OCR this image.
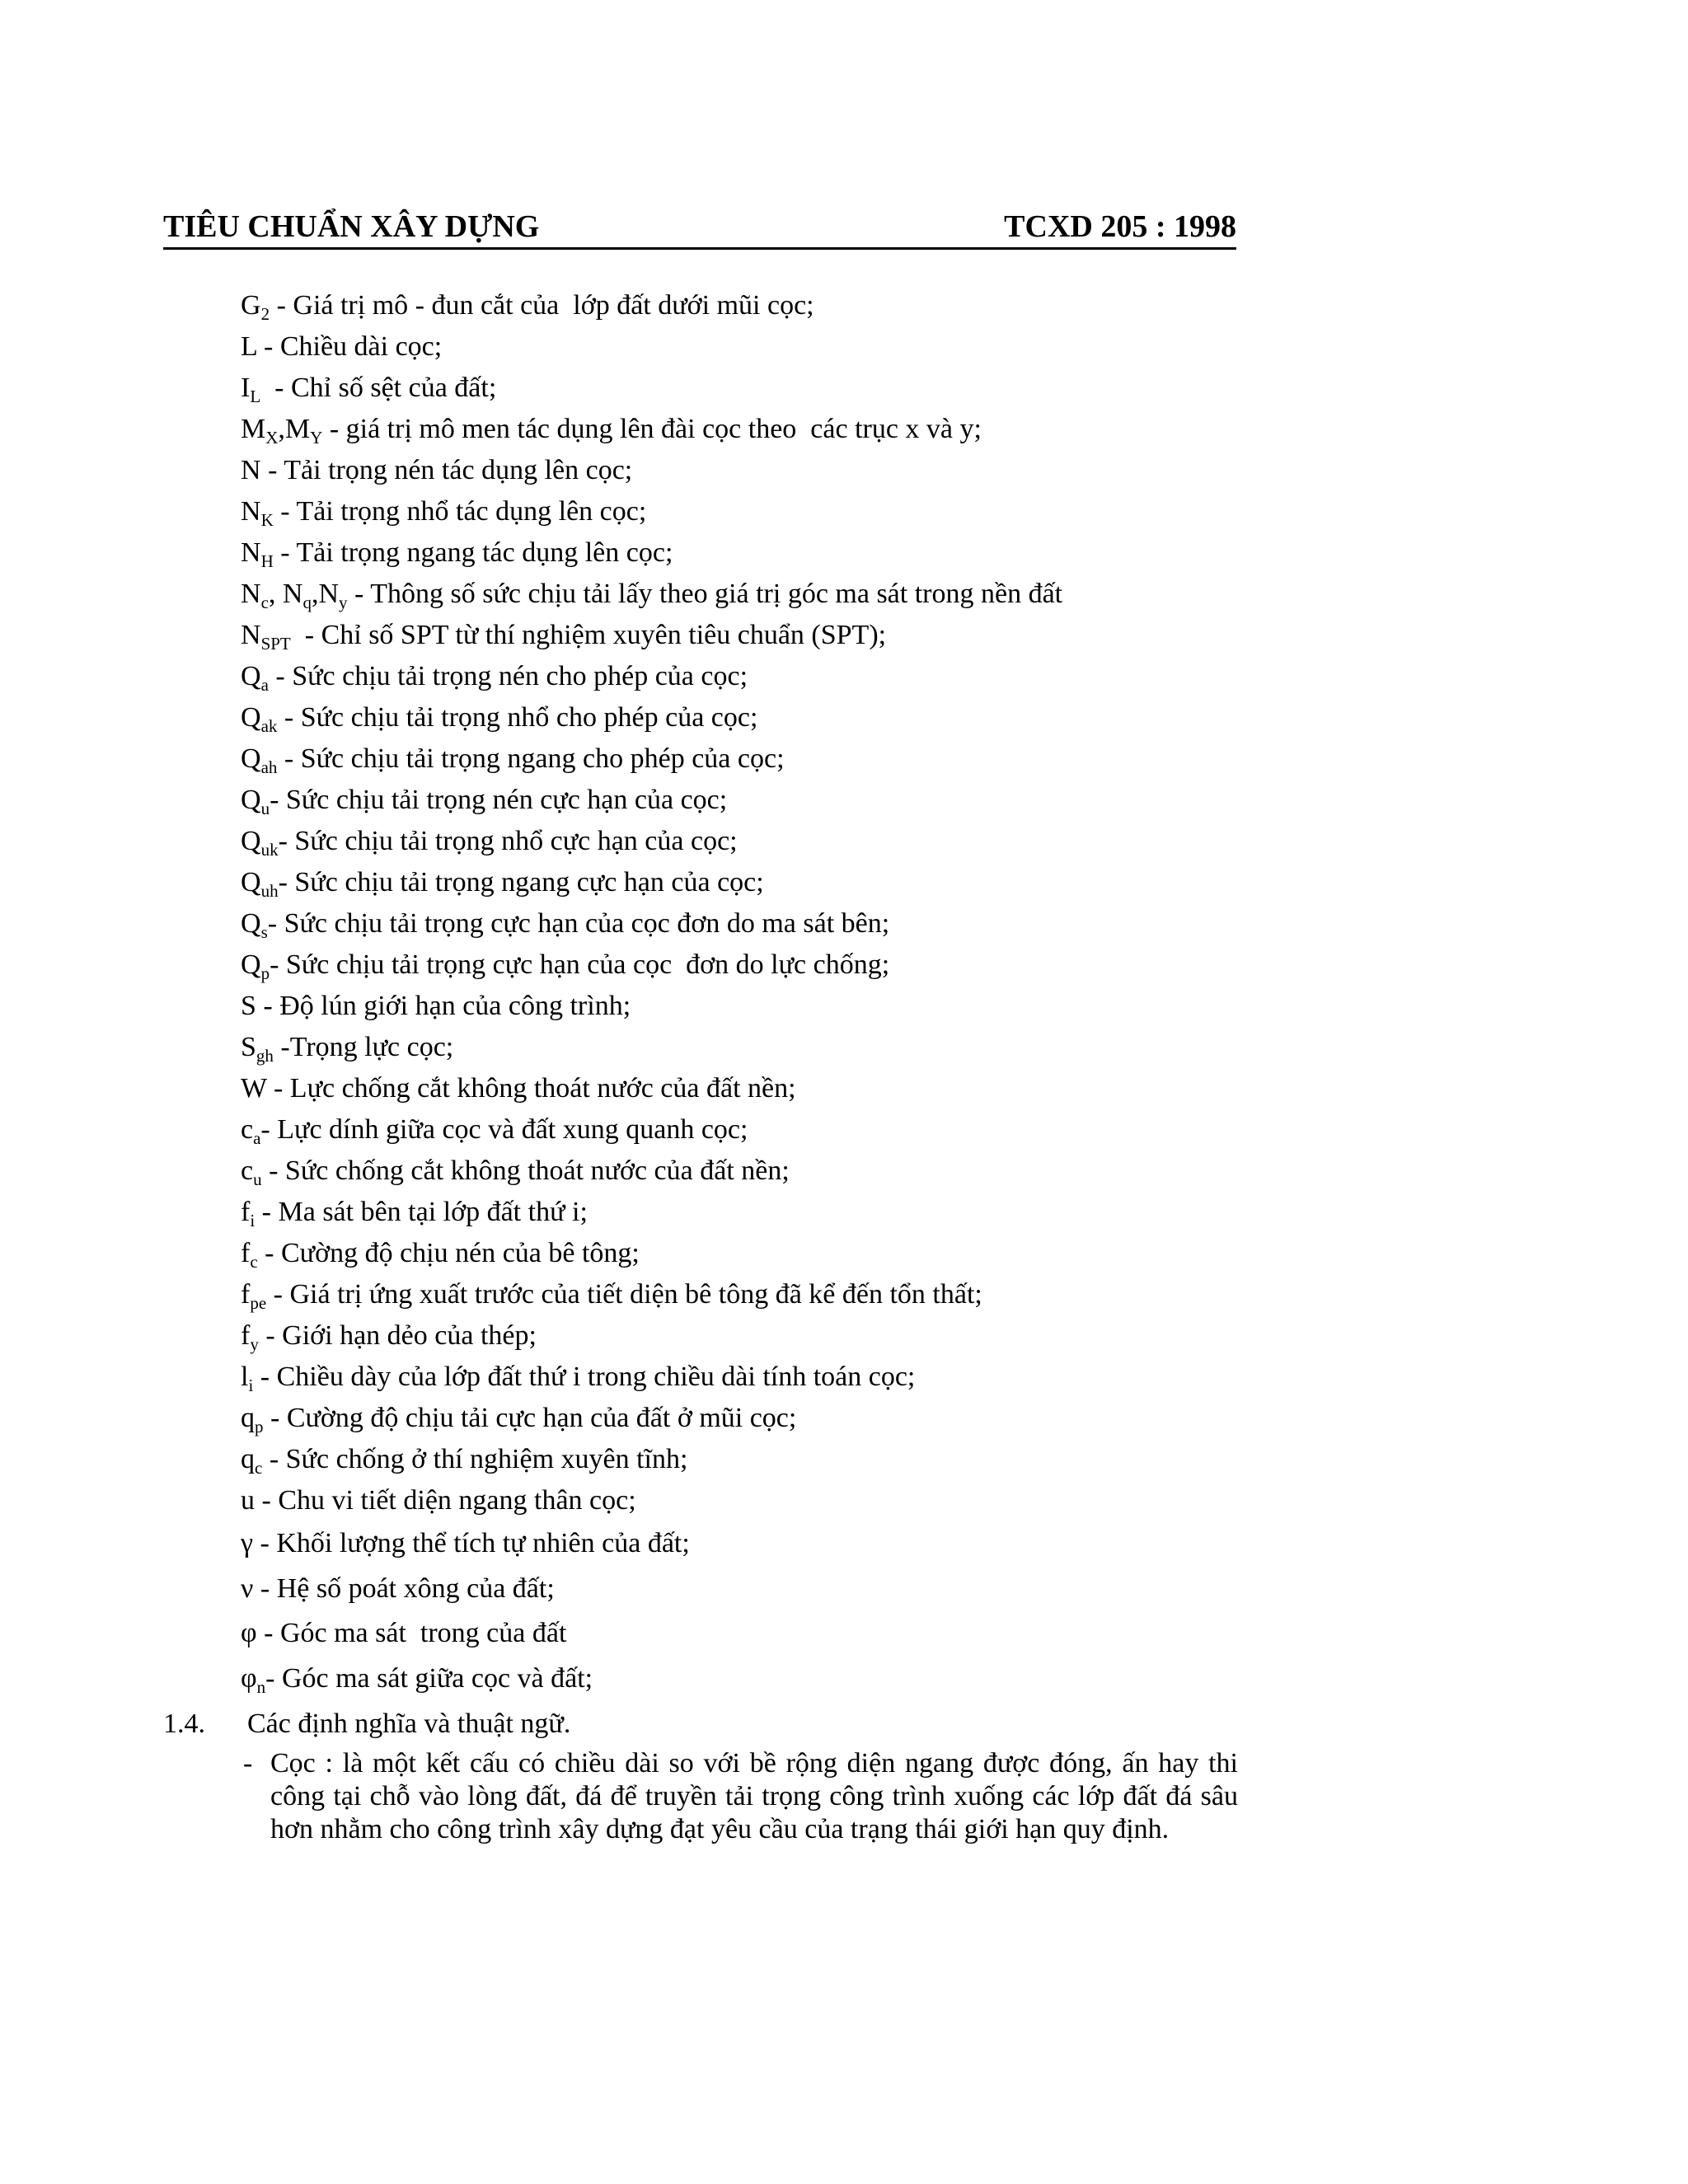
TIÊU CHUẨN XÂY DỰNG	TCXD 205 : 1998
$G_2$ - Giá trị mô - đun cắt của  lớp đất dưới mũi cọc;
L - Chiều dài cọc;
$I_L$  - Chỉ số sệt của đất;
$M_X,M_Y$ - giá trị mô men tác dụng lên đài cọc theo  các trục x và y;
N - Tải trọng nén tác dụng lên cọc;
$N_K$ - Tải trọng nhổ tác dụng lên cọc;
$N_H$ - Tải trọng ngang tác dụng lên cọc;
$N_c$, $N_q,N_y$ - Thông số sức chịu tải lấy theo giá trị góc ma sát trong nền đất
$N_{SPT}$  - Chỉ số SPT từ thí nghiệm xuyên tiêu chuẩn (SPT);
$Q_a$ - Sức chịu tải trọng nén cho phép của cọc;
$Q_{ak}$ - Sức chịu tải trọng nhổ cho phép của cọc;
$Q_{ah}$ - Sức chịu tải trọng ngang cho phép của cọc;
$Q_u-$ Sức chịu tải trọng nén cực hạn của cọc;
$Q_{uk}-$ Sức chịu tải trọng nhổ cực hạn của cọc;
$Q_{uh}-$ Sức chịu tải trọng ngang cực hạn của cọc;
$Q_s-$ Sức chịu tải trọng cực hạn của cọc đơn do ma sát bên;
$Q_p-$ Sức chịu tải trọng cực hạn của cọc  đơn do lực chống;
S - Độ lún giới hạn của công trình;
$S_{gh}$ -Trọng lực cọc;
W - Lực chống cắt không thoát nước của đất nền;
$c_a-$ Lực dính giữa cọc và đất xung quanh cọc;
$c_u$ - Sức chống cắt không thoát nước của đất nền;
$f_i$ - Ma sát bên tại lớp đất thứ i;
$f_c$ - Cường độ chịu nén của bê tông;
$f_{pe}$ - Giá trị ứng xuất trước của tiết diện bê tông đã kể đến tổn thất;
$f_y$ - Giới hạn dẻo của thép;
$l_i$ - Chiều dày của lớp đất thứ i trong chiều dài tính toán cọc;
$q_p$ - Cường độ chịu tải cực hạn của đất ở mũi cọc;
$q_c$ - Sức chống ở thí nghiệm xuyên tĩnh;
u - Chu vi tiết diện ngang thân cọc;
γ - Khối lượng thể tích tự nhiên của đất;
ν - Hệ số poát xông của đất;
φ - Góc ma sát  trong của đất
$\varphi_n-$ Góc ma sát giữa cọc và đất;
1.4. Các định nghĩa và thuật ngữ.
- Cọc : là một kết cấu có chiều dài so với bề rộng diện ngang được đóng, ấn hay thi công tại chỗ vào lòng đất, đá để truyền tải trọng công trình xuống các lớp đất đá sâu hơn nhằm cho công trình xây dựng đạt yêu cầu của trạng thái giới hạn quy định.
